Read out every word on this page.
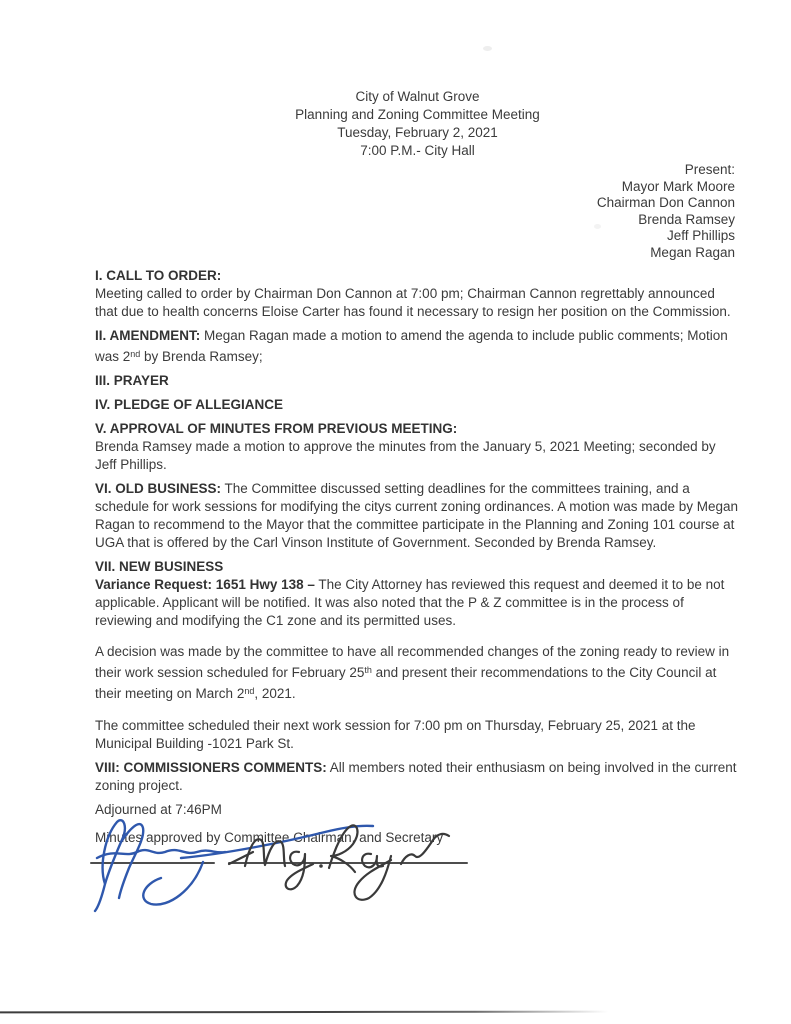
City of Walnut Grove
Planning and Zoning Committee Meeting
Tuesday, February 2, 2021
7:00 P.M.- City Hall
Present:
Mayor Mark Moore
Chairman Don Cannon
Brenda Ramsey
Jeff Phillips
Megan Ragan

I. CALL TO ORDER:
Meeting called to order by Chairman Don Cannon at 7:00 pm; Chairman Cannon regrettably announced that due to health concerns Eloise Carter has found it necessary to resign her position on the Commission.

II. AMENDMENT: Megan Ragan made a motion to amend the agenda to include public comments; Motion was 2nd by Brenda Ramsey;

III. PRAYER

IV. PLEDGE OF ALLEGIANCE

V. APPROVAL OF MINUTES FROM PREVIOUS MEETING:
Brenda Ramsey made a motion to approve the minutes from the January 5, 2021 Meeting; seconded by Jeff Phillips.

VI. OLD BUSINESS: The Committee discussed setting deadlines for the committees training, and a schedule for work sessions for modifying the citys current zoning ordinances. A motion was made by Megan Ragan to recommend to the Mayor that the committee participate in the Planning and Zoning 101 course at UGA that is offered by the Carl Vinson Institute of Government. Seconded by Brenda Ramsey.

VII. NEW BUSINESS
Variance Request: 1651 Hwy 138 – The City Attorney has reviewed this request and deemed it to be not applicable. Applicant will be notified. It was also noted that the P & Z committee is in the process of reviewing and modifying the C1 zone and its permitted uses.

A decision was made by the committee to have all recommended changes of the zoning ready to review in their work session scheduled for February 25th and present their recommendations to the City Council at their meeting on March 2nd, 2021.

The committee scheduled their next work session for 7:00 pm on Thursday, February 25, 2021 at the Municipal Building -1021 Park St.

VIII: COMMISSIONERS COMMENTS: All members noted their enthusiasm on being involved in the current zoning project.

Adjourned at 7:46PM

Minutes approved by Committee Chairman, and Secretary
